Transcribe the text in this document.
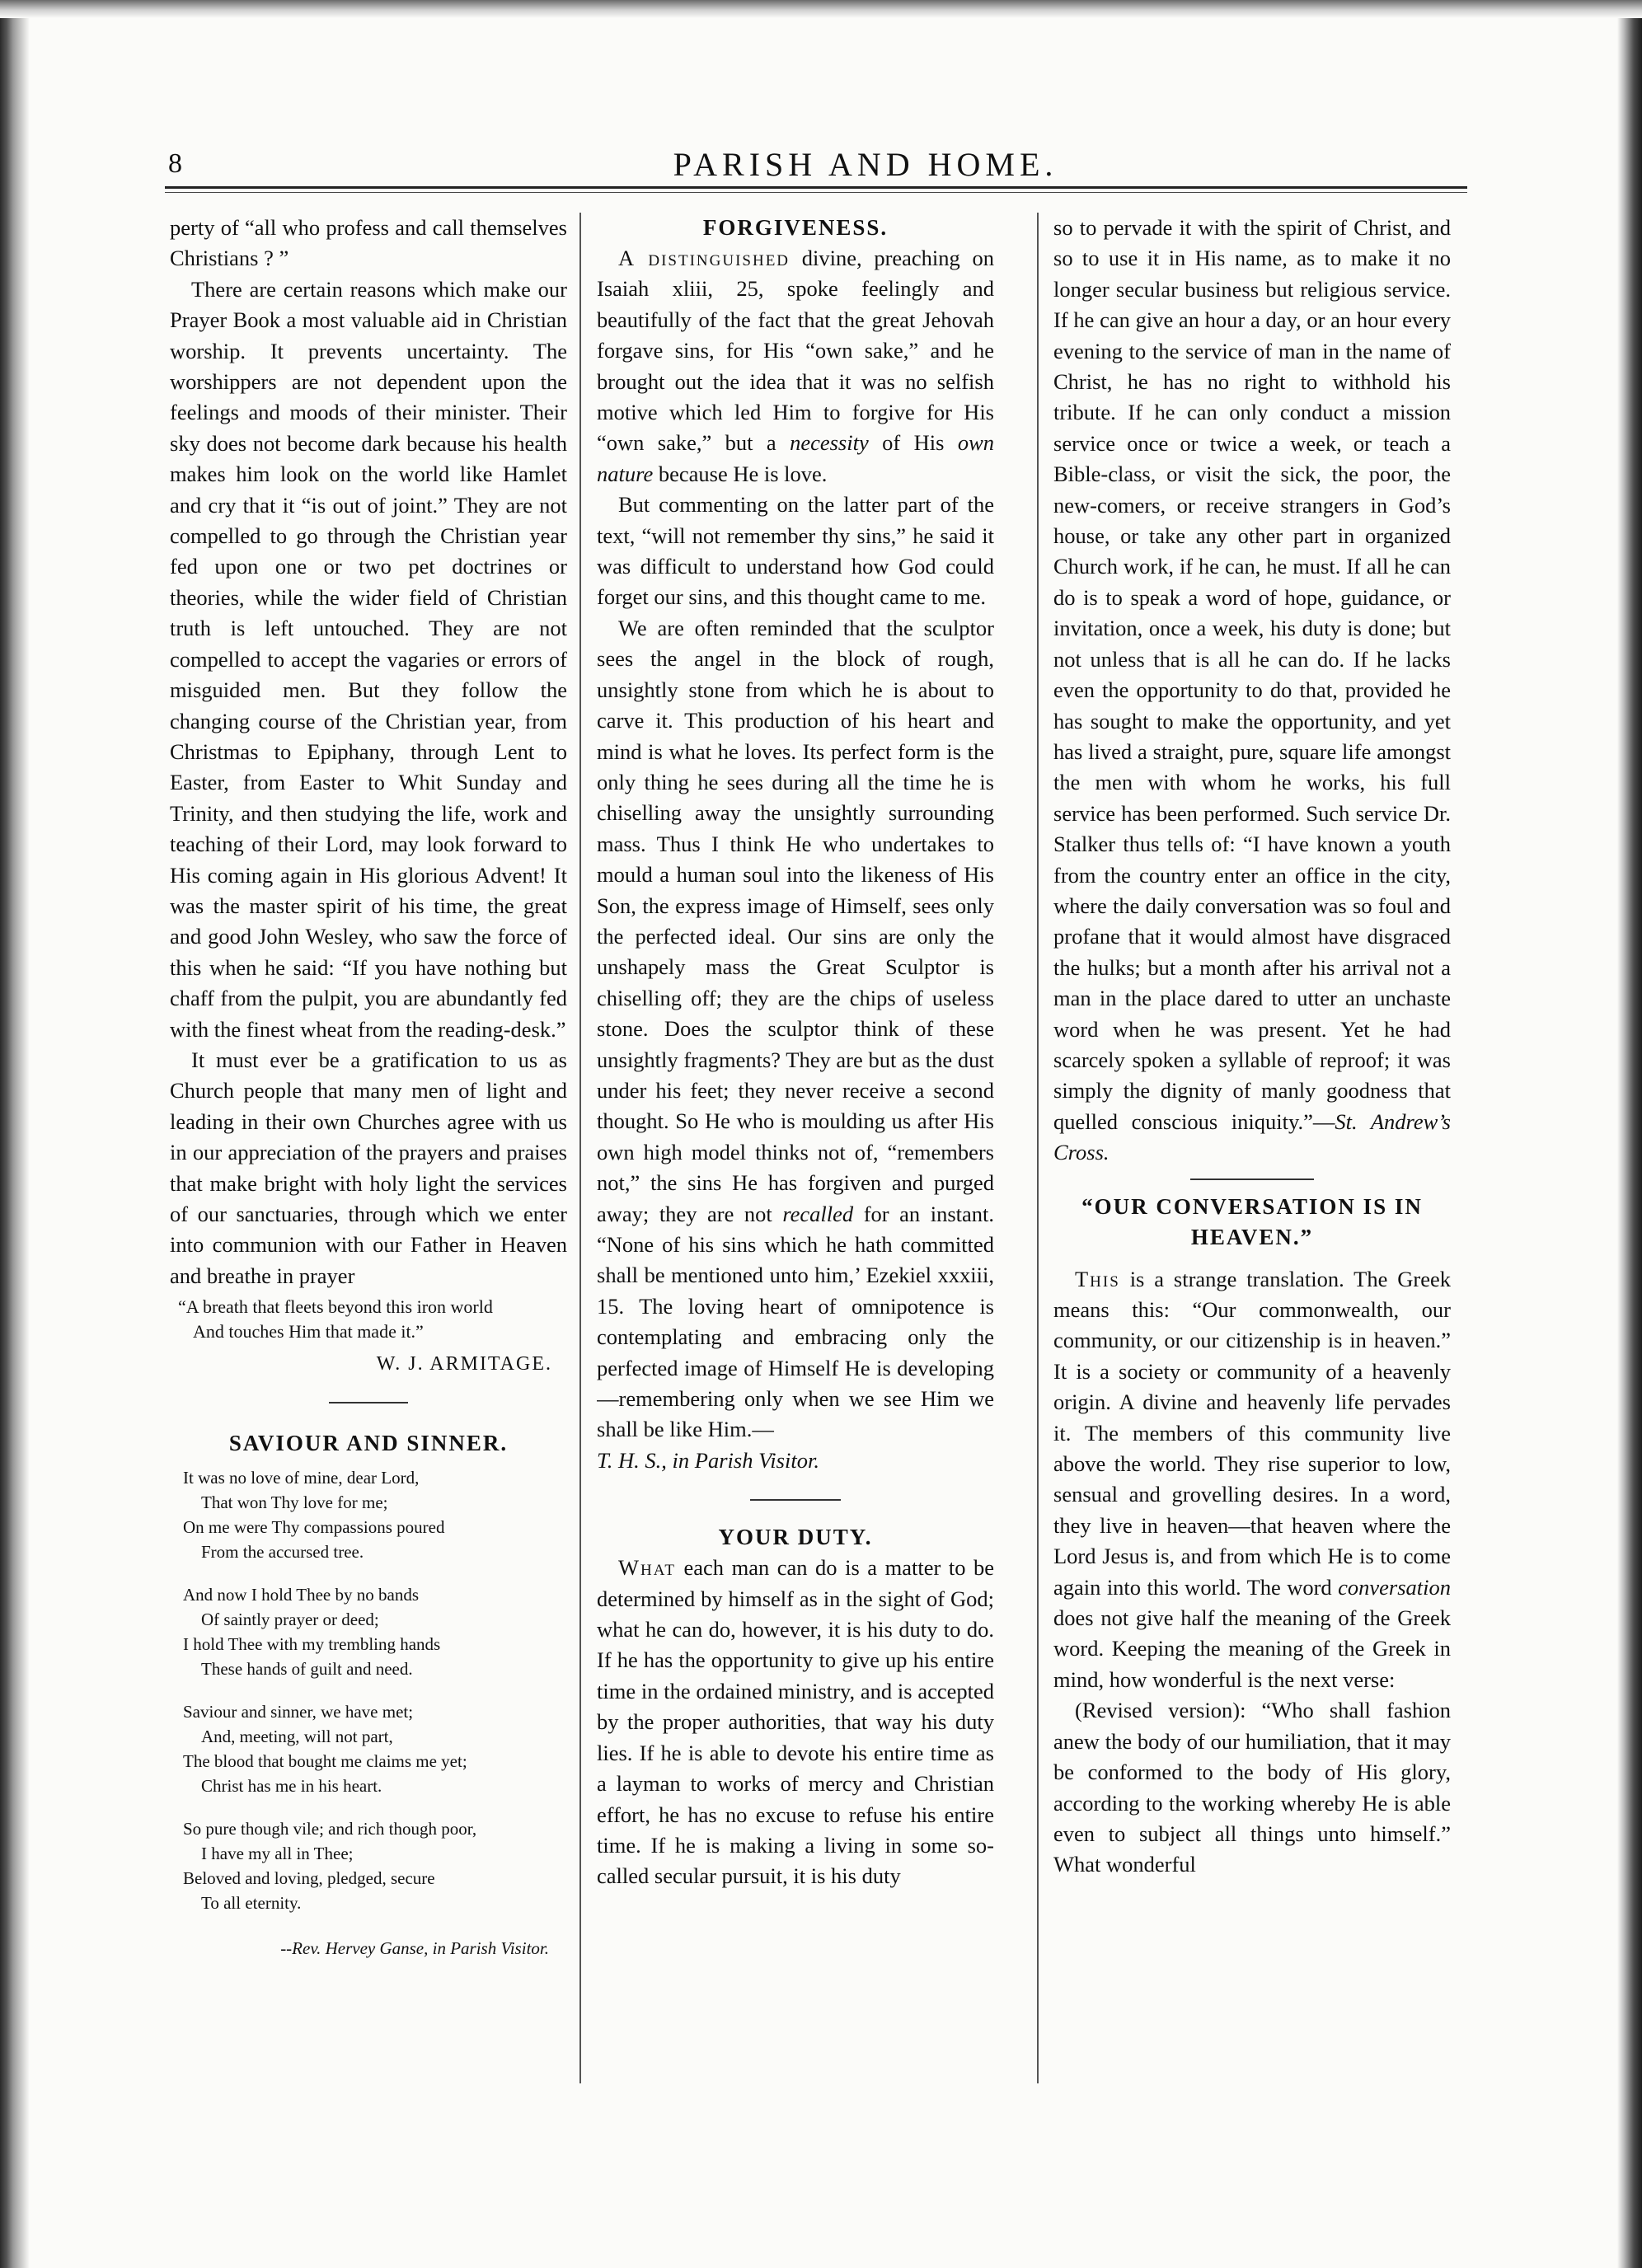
8	PARISH AND HOME.

perty of “all who profess and call themselves Christians ? ”

There are certain reasons which make our Prayer Book a most valuable aid in Christian worship. It prevents uncertainty. The worshippers are not dependent upon the feelings and moods of their minister. Their sky does not become dark because his health makes him look on the world like Hamlet and cry that it “is out of joint.” They are not compelled to go through the Christian year fed upon one or two pet doctrines or theories, while the wider field of Christian truth is left untouched. They are not compelled to accept the vagaries or errors of misguided men. But they follow the changing course of the Christian year, from Christmas to Epiphany, through Lent to Easter, from Easter to Whit Sunday and Trinity, and then studying the life, work and teaching of their Lord, may look forward to His coming again in His glorious Advent! It was the master spirit of his time, the great and good John Wesley, who saw the force of this when he said: “If you have nothing but chaff from the pulpit, you are abundantly fed with the finest wheat from the reading-desk.”

It must ever be a gratification to us as Church people that many men of light and leading in their own Churches agree with us in our appreciation of the prayers and praises that make bright with holy light the services of our sanctuaries, through which we enter into communion with our Father in Heaven and breathe in prayer

“A breath that fleets beyond this iron world
And touches Him that made it.”
W. J. ARMITAGE.
SAVIOUR AND SINNER.
It was no love of mine, dear Lord,
That won Thy love for me;
On me were Thy compassions poured
From the accursed tree.
And now I hold Thee by no bands
Of saintly prayer or deed;
I hold Thee with my trembling hands
These hands of guilt and need.
Saviour and sinner, we have met;
And, meeting, will not part,
The blood that bought me claims me yet;
Christ has me in his heart.
So pure though vile; and rich though poor,
I have my all in Thee;
Beloved and loving, pledged, secure
To all eternity.
--Rev. Hervey Ganse, in Parish Visitor.
FORGIVENESS.

A distinguished divine, preaching on Isaiah xliii, 25, spoke feelingly and beautifully of the fact that the great Jehovah forgave sins, for His “own sake,” and he brought out the idea that it was no selfish motive which led Him to forgive for His “own sake,” but a necessity of His own nature because He is love.

But commenting on the latter part of the text, “will not remember thy sins,” he said it was difficult to understand how God could forget our sins, and this thought came to me.

We are often reminded that the sculptor sees the angel in the block of rough, unsightly stone from which he is about to carve it. This production of his heart and mind is what he loves. Its perfect form is the only thing he sees during all the time he is chiselling away the unsightly surrounding mass. Thus I think He who undertakes to mould a human soul into the likeness of His Son, the express image of Himself, sees only the perfected ideal. Our sins are only the unshapely mass the Great Sculptor is chiselling off; they are the chips of useless stone. Does the sculptor think of these unsightly fragments? They are but as the dust under his feet; they never receive a second thought. So He who is moulding us after His own high model thinks not of, “remembers not,” the sins He has forgiven and purged away; they are not recalled for an instant. “None of his sins which he hath committed shall be mentioned unto him,’ Ezekiel xxxiii, 15. The loving heart of omnipotence is contemplating and embracing only the perfected image of Himself He is developing—remembering only when we see Him we shall be like Him.—

T. H. S., in Parish Visitor.

YOUR DUTY.

What each man can do is a matter to be determined by himself as in the sight of God; what he can do, however, it is his duty to do. If he has the opportunity to give up his entire time in the ordained ministry, and is accepted by the proper authorities, that way his duty lies. If he is able to devote his entire time as a layman to works of mercy and Christian effort, he has no excuse to refuse his entire time. If he is making a living in some so-called secular pursuit, it is his duty

so to pervade it with the spirit of Christ, and so to use it in His name, as to make it no longer secular business but religious service. If he can give an hour a day, or an hour every evening to the service of man in the name of Christ, he has no right to withhold his tribute. If he can only conduct a mission service once or twice a week, or teach a Bible-class, or visit the sick, the poor, the new-comers, or receive strangers in God’s house, or take any other part in organized Church work, if he can, he must. If all he can do is to speak a word of hope, guidance, or invitation, once a week, his duty is done; but not unless that is all he can do. If he lacks even the opportunity to do that, provided he has sought to make the opportunity, and yet has lived a straight, pure, square life amongst the men with whom he works, his full service has been performed. Such service Dr. Stalker thus tells of: “I have known a youth from the country enter an office in the city, where the daily conversation was so foul and profane that it would almost have disgraced the hulks; but a month after his arrival not a man in the place dared to utter an unchaste word when he was present. Yet he had scarcely spoken a syllable of reproof; it was simply the dignity of manly goodness that quelled conscious iniquity.”—St. Andrew’s Cross.

“OUR CONVERSATION IS IN
HEAVEN.”

This is a strange translation. The Greek means this: “Our commonwealth, our community, or our citizenship is in heaven.” It is a society or community of a heavenly origin. A divine and heavenly life pervades it. The members of this community live above the world. They rise superior to low, sensual and grovelling desires. In a word, they live in heaven—that heaven where the Lord Jesus is, and from which He is to come again into this world. The word conversation does not give half the meaning of the Greek word. Keeping the meaning of the Greek in mind, how wonderful is the next verse:

(Revised version): “Who shall fashion anew the body of our humiliation, that it may be conformed to the body of His glory, according to the working whereby He is able even to subject all things unto himself.” What wonderful
